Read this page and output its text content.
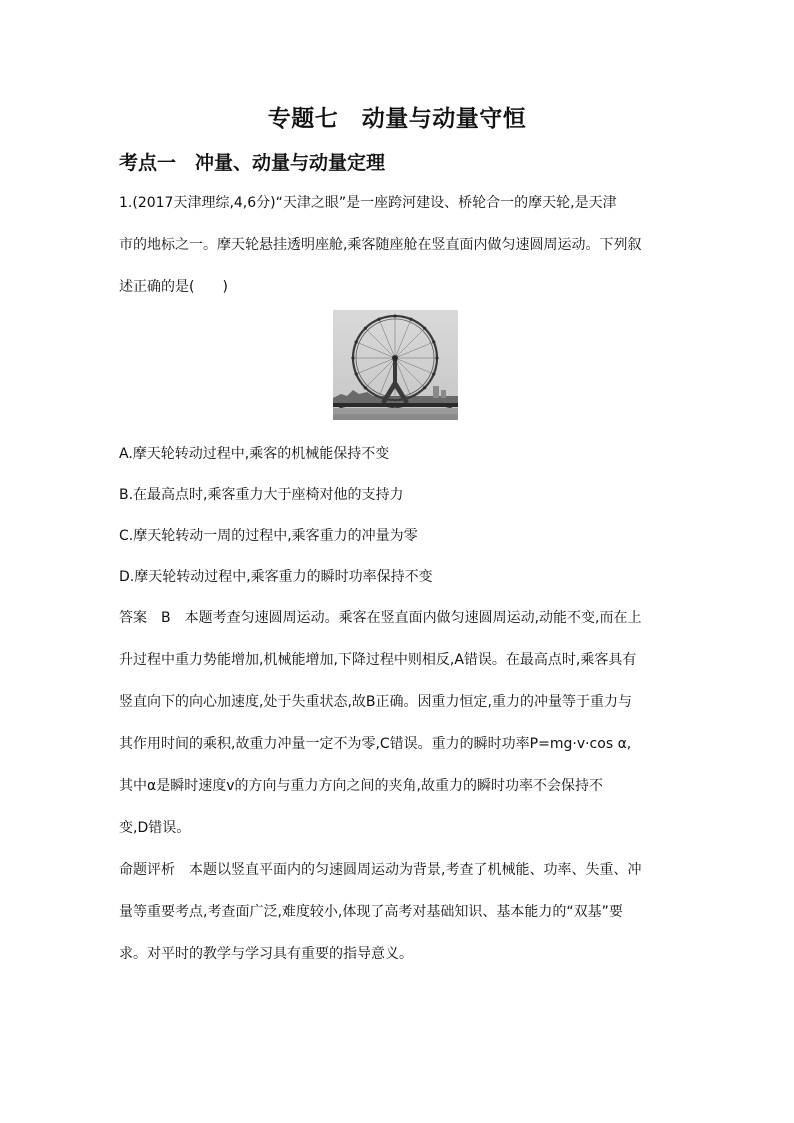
专题七　动量与动量守恒
考点一　冲量、动量与动量定理
1.(2017天津理综,4,6分)“天津之眼”是一座跨河建设、桥轮合一的摩天轮,是天津
市的地标之一。摩天轮悬挂透明座舱,乘客随座舱在竖直面内做匀速圆周运动。下列叙
述正确的是(　　)
A.摩天轮转动过程中,乘客的机械能保持不变
B.在最高点时,乘客重力大于座椅对他的支持力
C.摩天轮转动一周的过程中,乘客重力的冲量为零
D.摩天轮转动过程中,乘客重力的瞬时功率保持不变
答案　B　本题考查匀速圆周运动。乘客在竖直面内做匀速圆周运动,动能不变,而在上
升过程中重力势能增加,机械能增加,下降过程中则相反,A错误。在最高点时,乘客具有
竖直向下的向心加速度,处于失重状态,故B正确。因重力恒定,重力的冲量等于重力与
其作用时间的乘积,故重力冲量一定不为零,C错误。重力的瞬时功率P=mg·v·cos α,
其中α是瞬时速度v的方向与重力方向之间的夹角,故重力的瞬时功率不会保持不
变,D错误。
命题评析　本题以竖直平面内的匀速圆周运动为背景,考查了机械能、功率、失重、冲
量等重要考点,考查面广泛,难度较小,体现了高考对基础知识、基本能力的“双基”要
求。对平时的教学与学习具有重要的指导意义。
